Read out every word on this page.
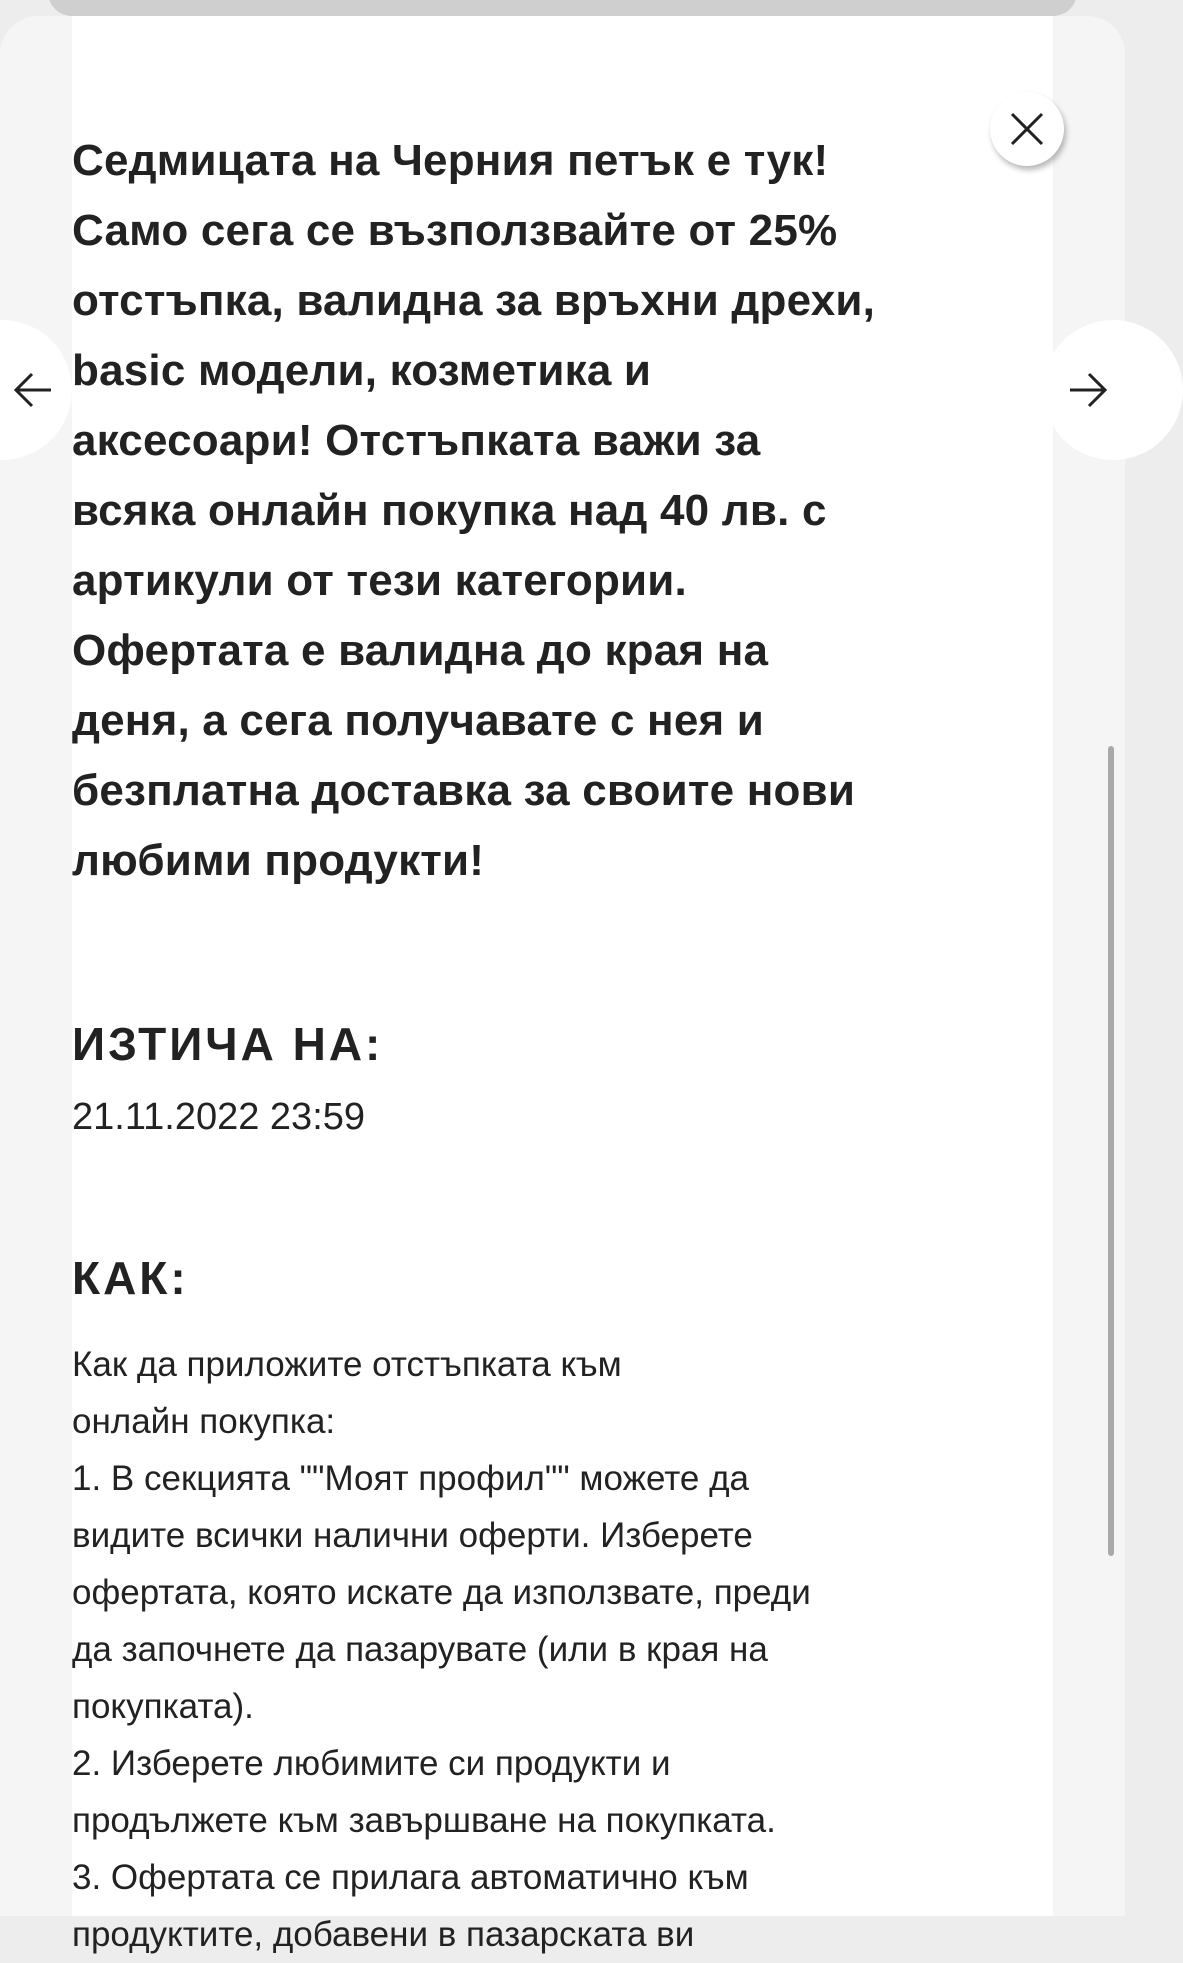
Седмицата на Черния петък е тук!
Само сега се възползвайте от 25%
отстъпка, валидна за връхни дрехи,
basic модели, козметика и
аксесоари! Отстъпката важи за
всяка онлайн покупка над 40 лв. с
артикули от тези категории.
Офертата е валидна до края на
деня, а сега получавате с нея и
безплатна доставка за своите нови
любими продукти!

ИЗТИЧА НА:
21.11.2022 23:59
КАК:
Как да приложите отстъпката към
онлайн покупка:
1. В секцията ""Моят профил"" можете да
видите всички налични оферти. Изберете
офертата, която искате да използвате, преди
да започнете да пазарувате (или в края на
покупката).
2. Изберете любимите си продукти и
продължете към завършване на покупката.
3. Офертата се прилага автоматично към
продуктите, добавени в пазарската ви
